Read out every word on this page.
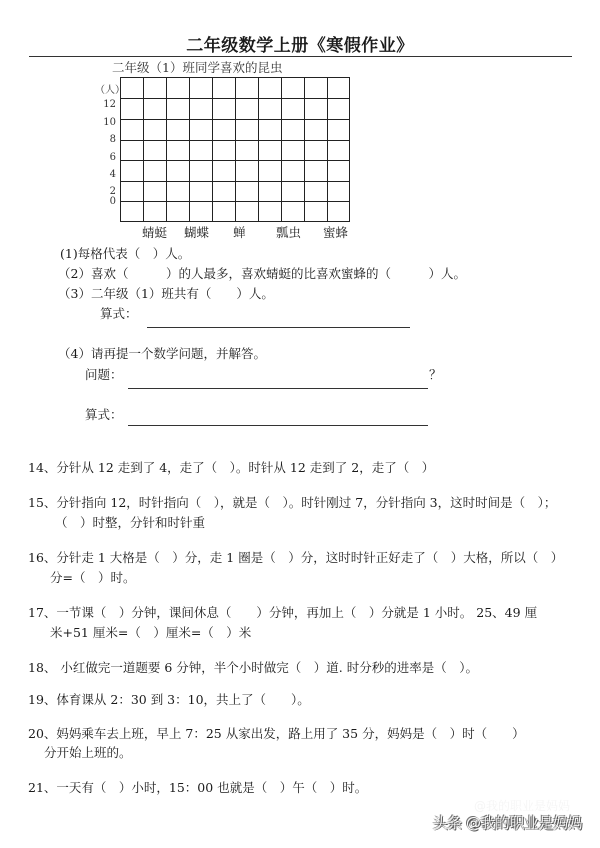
二年级数学上册《寒假作业》
二年级（1）班同学喜欢的昆虫
（人）
12
10
8
6
4
2
0
蜻蜓 蝴蝶 蝉 瓢虫 蜜蜂
(1)每格代表（　）人。
（2）喜欢（　　　）的人最多，喜欢蜻蜓的比喜欢蜜蜂的（　　　）人。
（3）二年级（1）班共有（　　）人。
算式：
（4）请再提一个数学问题，并解答。
问题：	？
算式：
14、分针从 12 走到了 4，走了（　）。时针从 12 走到了 2，走了（　）
15、分针指向 12，时针指向（　），就是（　）。时针刚过 7，分针指向 3，这时时间是（　）；
（　）时整，分针和时针重
16、分针走 1 大格是（　）分，走 1 圈是（　）分，这时时针正好走了（　）大格，所以（　）
分=（　）时。
17、一节课（　）分钟，课间休息（　　）分钟，再加上（　）分就是 1 小时。 25、49 厘
米+51 厘米=（　）厘米=（　）米
18、 小红做完一道题要 6 分钟，半个小时做完（　）道. 时分秒的进率是（　）。
19、体育课从 2：30 到 3：10，共上了（　　）。
20、妈妈乘车去上班，早上 7：25 从家出发，路上用了 35 分，妈妈是（　）时（　　）
分开始上班的。
21、一天有（　）小时，15：00 也就是（　）午（　）时。
@我的职业是妈妈
头条 @我的职业是妈妈
